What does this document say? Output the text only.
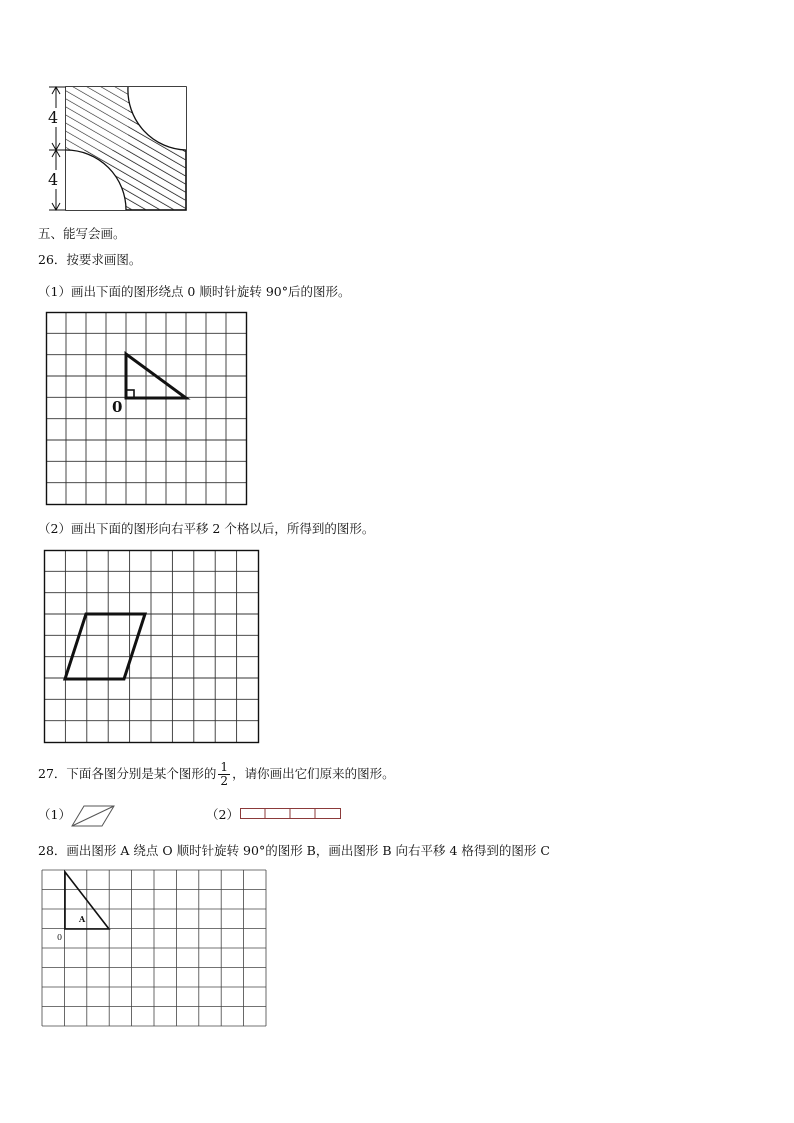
4
4
五、能写会画。
26．按要求画图。
（1）画出下面的图形绕点 0 顺时针旋转 90°后的图形。
0
（2）画出下面的图形向右平移 2 个格以后，所得到的图形。
27．下面各图分别是某个图形的 $\frac{1}{2}$ ，请你画出它们原来的图形。
（1）	（2）
28．画出图形 A 绕点 O 顺时针旋转 90°的图形 B，画出图形 B 向右平移 4 格得到的图形 C
A
0
